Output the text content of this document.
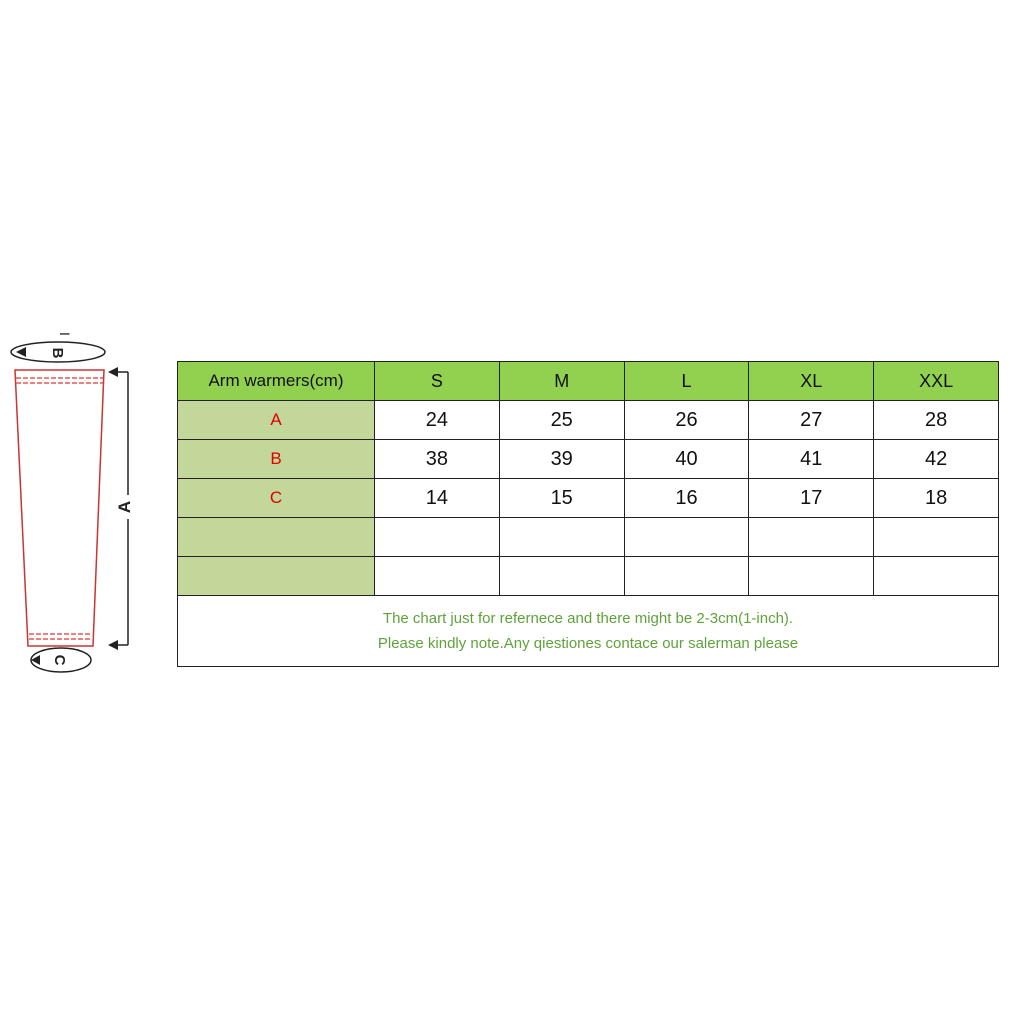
I
B
A
C
Arm warmers(cm)	S	M	L	XL	XXL
A	24	25	26	27	28
B	38	39	40	41	42
C	14	15	16	17	18

The chart just for refernece and there might be 2-3cm(1-inch).
Please kindly note.Any qiestiones contace our salerman please					
